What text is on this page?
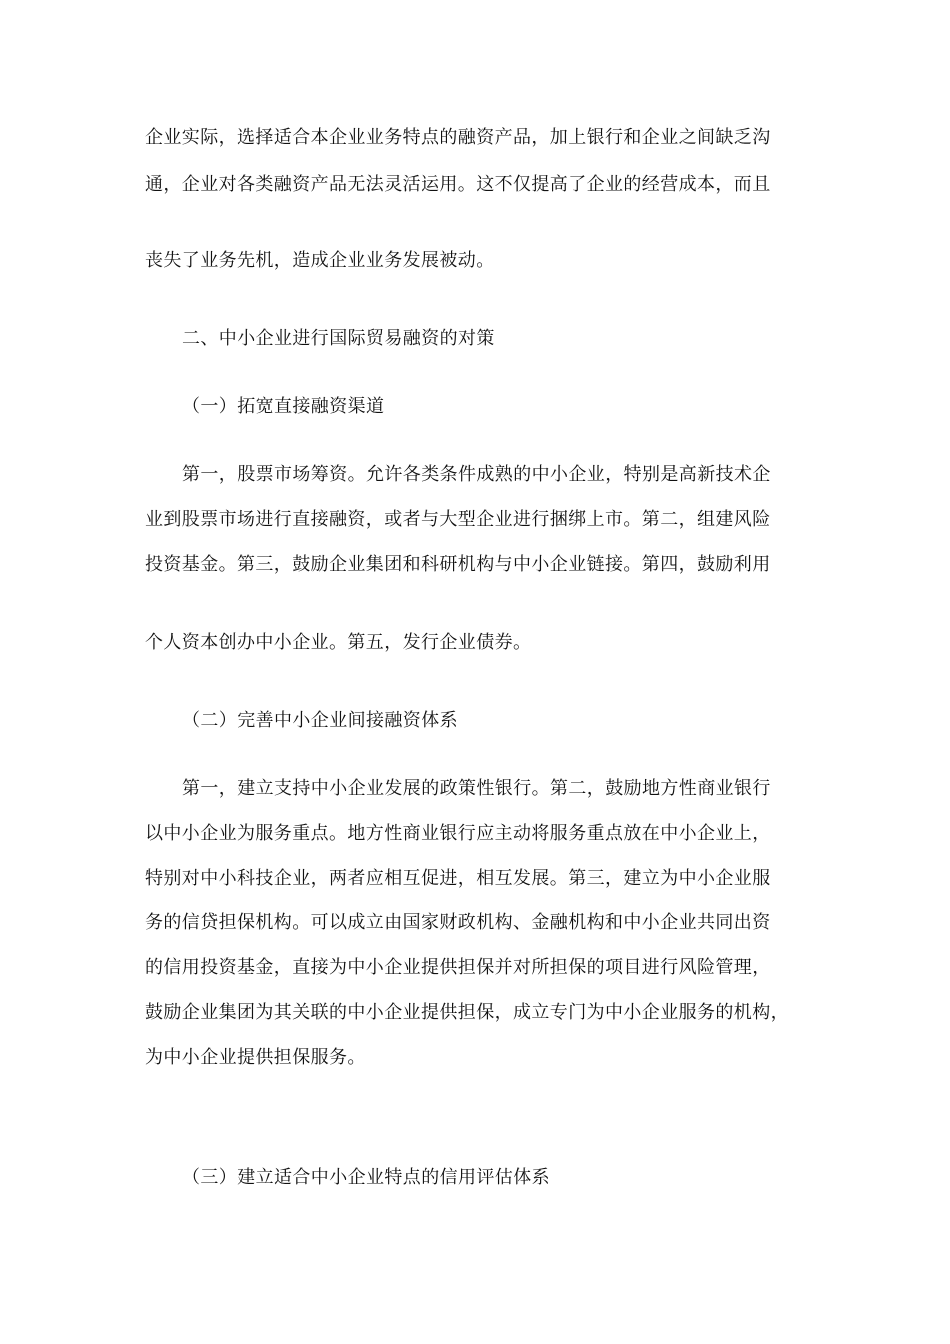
企业实际，选择适合本企业业务特点的融资产品，加上银行和企业之间缺乏沟
通，企业对各类融资产品无法灵活运用。这不仅提高了企业的经营成本，而且
丧失了业务先机，造成企业业务发展被动。
二、中小企业进行国际贸易融资的对策
（一）拓宽直接融资渠道
第一，股票市场筹资。允许各类条件成熟的中小企业，特别是高新技术企
业到股票市场进行直接融资，或者与大型企业进行捆绑上市。第二，组建风险
投资基金。第三，鼓励企业集团和科研机构与中小企业链接。第四，鼓励利用
个人资本创办中小企业。第五，发行企业债券。
（二）完善中小企业间接融资体系
第一，建立支持中小企业发展的政策性银行。第二，鼓励地方性商业银行
以中小企业为服务重点。地方性商业银行应主动将服务重点放在中小企业上，
特别对中小科技企业，两者应相互促进，相互发展。第三，建立为中小企业服
务的信贷担保机构。可以成立由国家财政机构、金融机构和中小企业共同出资
的信用投资基金，直接为中小企业提供担保并对所担保的项目进行风险管理，
鼓励企业集团为其关联的中小企业提供担保，成立专门为中小企业服务的机构，
为中小企业提供担保服务。
（三）建立适合中小企业特点的信用评估体系
